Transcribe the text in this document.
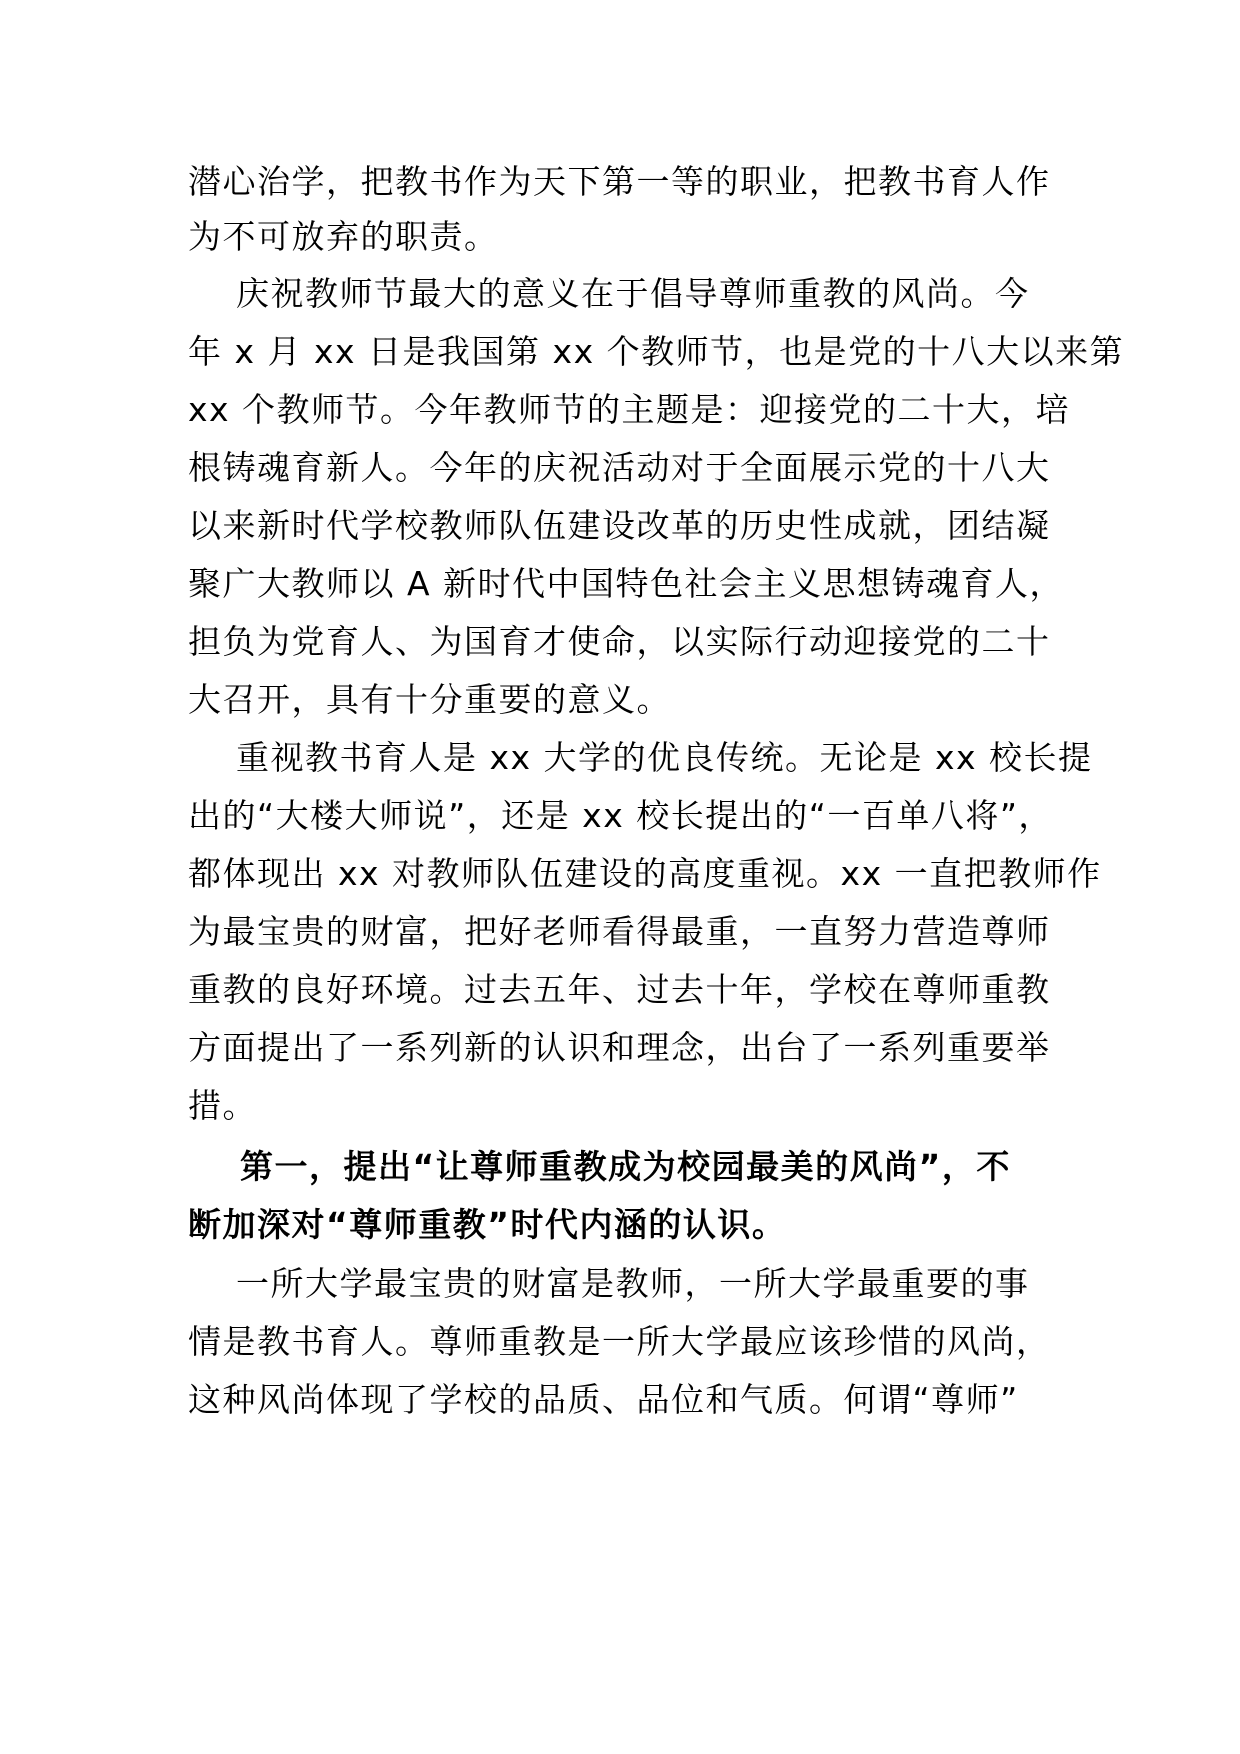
潜心治学，把教书作为天下第一等的职业，把教书育人作
为不可放弃的职责。
庆祝教师节最大的意义在于倡导尊师重教的风尚。今
年 x 月 xx 日是我国第 xx 个教师节，也是党的十八大以来第
xx 个教师节。今年教师节的主题是：迎接党的二十大，培
根铸魂育新人。今年的庆祝活动对于全面展示党的十八大
以来新时代学校教师队伍建设改革的历史性成就，团结凝
聚广大教师以 A 新时代中国特色社会主义思想铸魂育人，
担负为党育人、为国育才使命，以实际行动迎接党的二十
大召开，具有十分重要的意义。
重视教书育人是 xx 大学的优良传统。无论是 xx 校长提
出的“大楼大师说”，还是 xx 校长提出的“一百单八将”，
都体现出 xx 对教师队伍建设的高度重视。xx 一直把教师作
为最宝贵的财富，把好老师看得最重，一直努力营造尊师
重教的良好环境。过去五年、过去十年，学校在尊师重教
方面提出了一系列新的认识和理念，出台了一系列重要举
措。
第一，提出“让尊师重教成为校园最美的风尚”，不
断加深对“尊师重教”时代内涵的认识。
一所大学最宝贵的财富是教师，一所大学最重要的事
情是教书育人。尊师重教是一所大学最应该珍惜的风尚，
这种风尚体现了学校的品质、品位和气质。何谓“尊师”
